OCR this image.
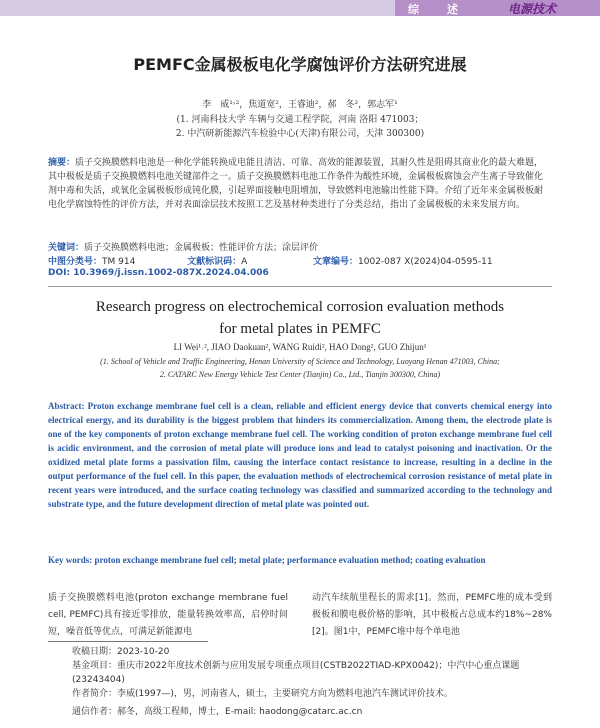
综述 电源技术
PEMFC金属极板电化学腐蚀评价方法研究进展
李　威¹˒²，焦道宽²，王睿迪²，郝　冬²，郭志军¹
(1. 河南科技大学 车辆与交通工程学院，河南 洛阳 471003；
2. 中汽研新能源汽车检验中心(天津)有限公司，天津 300300)
摘要：质子交换膜燃料电池是一种化学能转换成电能且清洁、可靠、高效的能源装置，其耐久性是阻碍其商业化的最大难题，其中极板是质子交换膜燃料电池关键部件之一。质子交换膜燃料电池工作条件为酸性环境，金属极板腐蚀会产生离子导致催化剂中毒和失活，或氧化金属极板形成钝化膜，引起界面接触电阻增加，导致燃料电池输出性能下降。介绍了近年来金属极板耐电化学腐蚀特性的评价方法，并对表面涂层技术按照工艺及基材种类进行了分类总结，指出了金属极板的未来发展方向。
关键词：质子交换膜燃料电池；金属极板；性能评价方法；涂层评价
中图分类号：TM 914	文献标识码：A	文章编号：1002-087 X(2024)04-0595-11
DOI: 10.3969/j.issn.1002-087X.2024.04.006
Research progress on electrochemical corrosion evaluation methods
for metal plates in PEMFC
LI Wei¹˒², JIAO Daokuan², WANG Ruidi², HAO Dong², GUO Zhijun¹
(1. School of Vehicle and Traffic Engineering, Henan University of Science and Technology, Luoyang Henan 471003, China;
2. CATARC New Energy Vehicle Test Center (Tianjin) Co., Ltd., Tianjin 300300, China)
Abstract: Proton exchange membrane fuel cell is a clean, reliable and efficient energy device that converts chemical energy into electrical energy, and its durability is the biggest problem that hinders its commercialization. Among them, the electrode plate is one of the key components of proton exchange membrane fuel cell. The working condition of proton exchange membrane fuel cell is acidic environment, and the corrosion of metal plate will produce ions and lead to catalyst poisoning and inactivation. Or the oxidized metal plate forms a passivation film, causing the interface contact resistance to increase, resulting in a decline in the output performance of the fuel cell. In this paper, the evaluation methods of electrochemical corrosion resistance of metal plate in recent years were introduced, and the surface coating technology was classified and summarized according to the technology and substrate type, and the future development direction of metal plate was pointed out.
Key words: proton exchange membrane fuel cell; metal plate; performance evaluation method; coating evaluation
质子交换膜燃料电池(proton exchange membrane fuel cell, PEMFC)具有接近零排放，能量转换效率高，启停时间短，噪音低等优点，可满足新能源电
动汽车续航里程长的需求[1]。然而，PEMFC堆的成本受到极板和膜电极价格的影响，其中极板占总成本约18%~28%[2]。图1中，PEMFC堆中每个单电池
收稿日期：2023-10-20
基金项目：重庆市2022年度技术创新与应用发展专项重点项目(CSTB2022TIAD-KPX0042)；中汽中心重点课题(23243404)
作者简介：李威(1997—)，男，河南省人，硕士，主要研究方向为燃料电池汽车测试评价技术。
通信作者：郝冬，高级工程师，博士，E-mail: haodong@catarc.ac.cn
